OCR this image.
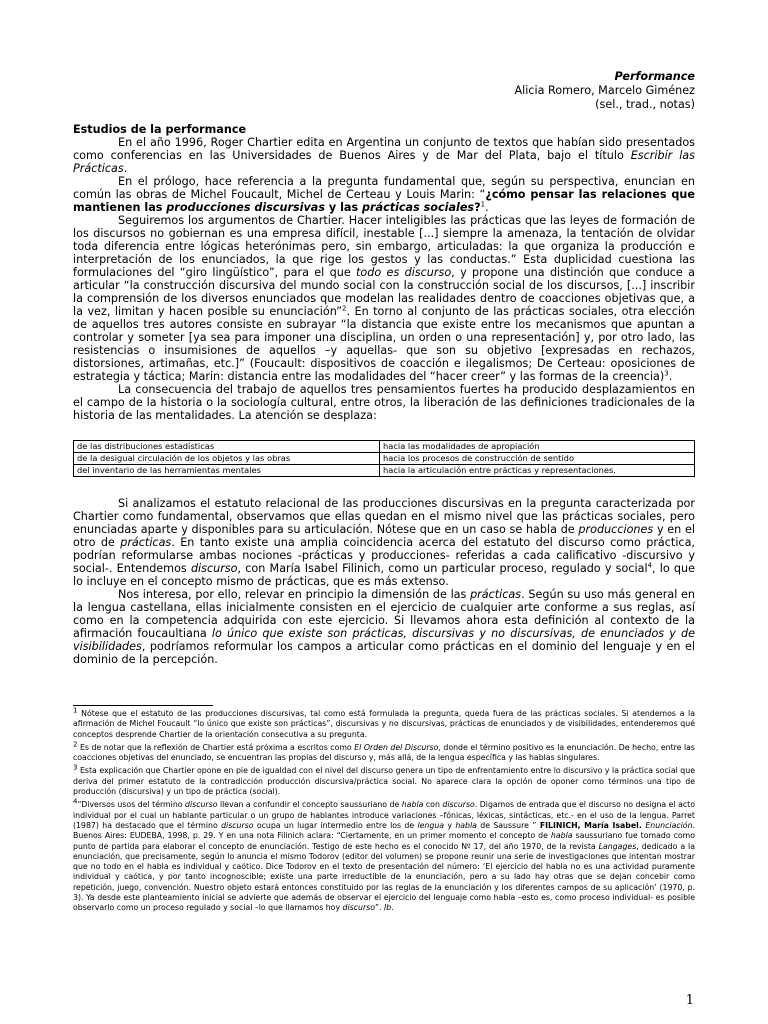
Performance
Alicia Romero, Marcelo Giménez
(sel., trad., notas)

Estudios de la performance

En el año 1996, Roger Chartier edita en Argentina un conjunto de textos que habían sido presentados como conferencias en las Universidades de Buenos Aires y de Mar del Plata, bajo el título Escribir las Prácticas.

En el prólogo, hace referencia a la pregunta fundamental que, según su perspectiva, enuncian en común las obras de Michel Foucault, Michel de Certeau y Louis Marin: “¿cómo pensar las relaciones que mantienen las producciones discursivas y las prácticas sociales?$^1$.

Seguiremos los argumentos de Chartier. Hacer inteligibles las prácticas que las leyes de formación de los discursos no gobiernan es una empresa difícil, inestable [...] siempre la amenaza, la tentación de olvidar toda diferencia entre lógicas heterónimas pero, sin embargo, articuladas: la que organiza la producción e interpretación de los enunciados, la que rige los gestos y las conductas.” Esta duplicidad cuestiona las formulaciones del “giro lingüístico”, para el que todo es discurso, y propone una distinción que conduce a articular “la construcción discursiva del mundo social con la construcción social de los discursos, [...] inscribir la comprensión de los diversos enunciados que modelan las realidades dentro de coacciones objetivas que, a la vez, limitan y hacen posible su enunciación”$^2$. En torno al conjunto de las prácticas sociales, otra elección de aquellos tres autores consiste en subrayar “la distancia que existe entre los mecanismos que apuntan a controlar y someter [ya sea para imponer una disciplina, un orden o una representación] y, por otro lado, las resistencias o insumisiones de aquellos –y aquellas- que son su objetivo [expresadas en rechazos, distorsiones, artimañas, etc.]” (Foucault: dispositivos de coacción e ilegalismos; De Certeau: oposiciones de estrategia y táctica; Marin: distancia entre las modalidades del “hacer creer” y las formas de la creencia)$^3$.

La consecuencia del trabajo de aquellos tres pensamientos fuertes ha producido desplazamientos en el campo de la historia o la sociología cultural, entre otros, la liberación de las definiciones tradicionales de la historia de las mentalidades. La atención se desplaza:

de las distribuciones estadísticas	hacia las modalidades de apropiación
de la desigual circulación de los objetos y las obras	hacia los procesos de construcción de sentido
del inventario de las herramientas mentales	hacia la articulación entre prácticas y representaciones.

Si analizamos el estatuto relacional de las producciones discursivas en la pregunta caracterizada por Chartier como fundamental, observamos que ellas quedan en el mismo nivel que las prácticas sociales, pero enunciadas aparte y disponibles para su articulación. Nótese que en un caso se habla de producciones y en el otro de prácticas. En tanto existe una amplia coincidencia acerca del estatuto del discurso como práctica, podrían reformularse ambas nociones -prácticas y producciones- referidas a cada calificativo -discursivo y social-. Entendemos discurso, con María Isabel Filinich, como un particular proceso, regulado y social$^4$, lo que lo incluye en el concepto mismo de prácticas, que es más extenso.

Nos interesa, por ello, relevar en principio la dimensión de las prácticas. Según su uso más general en la lengua castellana, ellas inicialmente consisten en el ejercicio de cualquier arte conforme a sus reglas, así como en la competencia adquirida con este ejercicio. Si llevamos ahora esta definición al contexto de la afirmación foucaultiana lo único que existe son prácticas, discursivas y no discursivas, de enunciados y de visibilidades, podríamos reformular los campos a articular como prácticas en el dominio del lenguaje y en el dominio de la percepción.

$^1$ Nótese que el estatuto de las producciones discursivas, tal como está formulada la pregunta, queda fuera de las prácticas sociales. Si atendemos a la afirmación de Michel Foucault “lo único que existe son prácticas”, discursivas y no discursivas, prácticas de enunciados y de visibilidades, entenderemos qué conceptos desprende Chartier de la orientación consecutiva a su pregunta.

$^2$ Es de notar que la reflexión de Chartier está próxima a escritos como El Orden del Discurso, donde el término positivo es la enunciación. De hecho, entre las coacciones objetivas del enunciado, se encuentran las propias del discurso y, más allá, de la lengua específica y las hablas singulares.

$^3$ Esta explicación que Chartier opone en pie de igualdad con el nivel del discurso genera un tipo de enfrentamiento entre lo discursivo y la práctica social que deriva del primer estatuto de la contradicción producción discursiva/práctica social. No aparece clara la opción de oponer como términos una tipo de producción (discursiva) y un tipo de práctica (social).

$^4$“Diversos usos del término discurso llevan a confundir el concepto saussuriano de habla con discurso. Digamos de entrada que el discurso no designa el acto individual por el cual un hablante particular o un grupo de hablantes introduce variaciones –fónicas, léxicas, sintácticas, etc.- en el uso de la lengua. Parret (1987) ha destacado que el término discurso ocupa un lugar intermedio entre los de lengua y habla de Saussure ” FILINICH, María Isabel. Enunciación. Buenos Aires: EUDEBA, 1998, p. 29. Y en una nota Filinich aclara: “Ciertamente, en un primer momento el concepto de habla saussuriano fue tomado como punto de partida para elaborar el concepto de enunciación. Testigo de este hecho es el conocido Nº 17, del año 1970, de la revista Langages, dedicado a la enunciación, que precisamente, según lo anuncia el mismo Todorov (editor del volumen) se propone reunir una serie de investigaciones que intentan mostrar que no todo en el habla es individual y caótico. Dice Todorov en el texto de presentación del número: ‘El ejercicio del habla no es una actividad puramente individual y caótica, y por tanto incognoscible; existe una parte irreductible de la enunciación, pero a su lado hay otras que se dejan concebir como repetición, juego, convención. Nuestro objeto estará entonces constituido por las reglas de la enunciación y los diferentes campos de su aplicación’ (1970, p. 3). Ya desde este planteamiento inicial se advierte que además de observar el ejercicio del lenguaje como habla –esto es, como proceso individual- es posible observarlo como un proceso regulado y social –lo que llamamos hoy discurso”. Ib.

1
